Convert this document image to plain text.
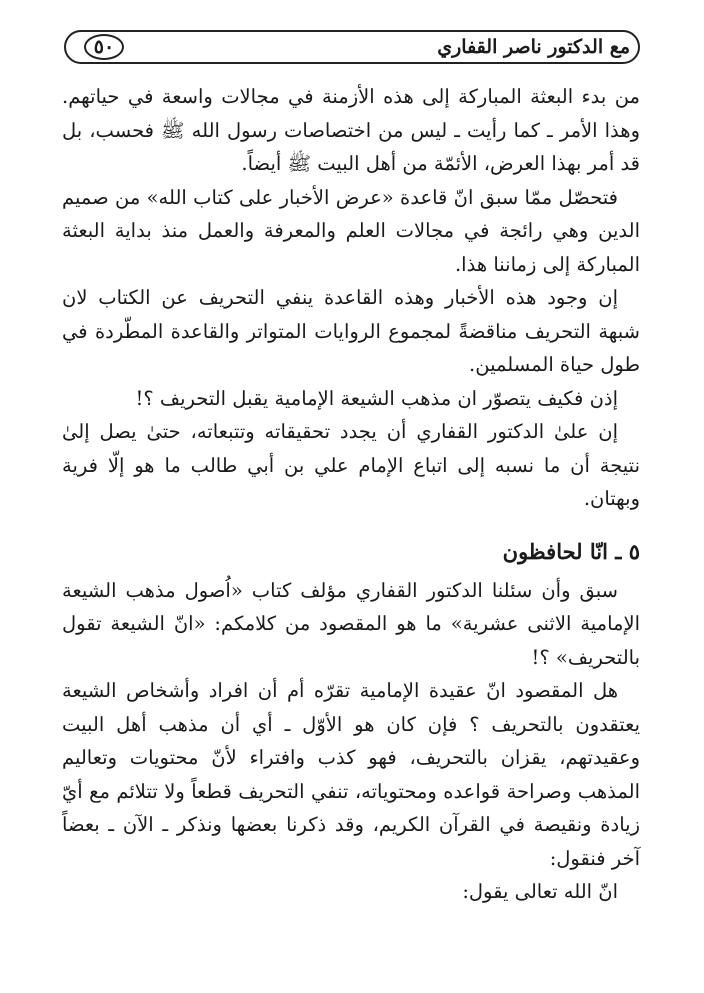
مع الدكتور ناصر القفاري
٥٠

من بدء البعثة المباركة إلى هذه الأزمنة في مجالات واسعة في حياتهم. وهذا الأمر ـ كما رأيت ـ ليس من اختصاصات رسول الله ﷺ فحسب، بل قد أمر بهذا العرض، الأئمّة من أهل البيت ﷺ أيضاً.

فتحصّل ممّا سبق انّ قاعدة «عرض الأخبار على كتاب الله» من صميم الدين وهي رائجة في مجالات العلم والمعرفة والعمل منذ بداية البعثة المباركة إلى زماننا هذا.

إن وجود هذه الأخبار وهذه القاعدة ينفي التحريف عن الكتاب لان شبهة التحريف مناقضةً لمجموع الروايات المتواتر والقاعدة المطّردة في طول حياة المسلمين.

إذن فكيف يتصوّر ان مذهب الشيعة الإمامية يقبل التحريف ؟!

إن علىٰ الدكتور القفاري أن يجدد تحقيقاته وتتبعاته، حتىٰ يصل إلىٰ نتيجة أن ما نسبه إلى اتباع الإمام علي بن أبي طالب ما هو إلّا فرية وبهتان.

٥ ـ انّا لحافظون

سبق وأن سئلنا الدكتور القفاري مؤلف كتاب «اُصول مذهب الشيعة الإمامية الاثنى عشرية» ما هو المقصود من كلامكم: «انّ الشيعة تقول بالتحريف» ؟!

هل المقصود انّ عقيدة الإمامية تقرّه أم أن افراد وأشخاص الشيعة يعتقدون بالتحريف ؟ فإن كان هو الأوّل ـ أي أن مذهب أهل البيت وعقيدتهم، يقزان بالتحريف، فهو كذب وافتراء لأنّ محتويات وتعاليم المذهب وصراحة قواعده ومحتوياته، تنفي التحريف قطعاً ولا تتلائم مع أيّ زيادة ونقيصة في القرآن الكريم، وقد ذكرنا بعضها ونذكر ـ الآن ـ بعضاً آخر فنقول:

انّ الله تعالى يقول:
